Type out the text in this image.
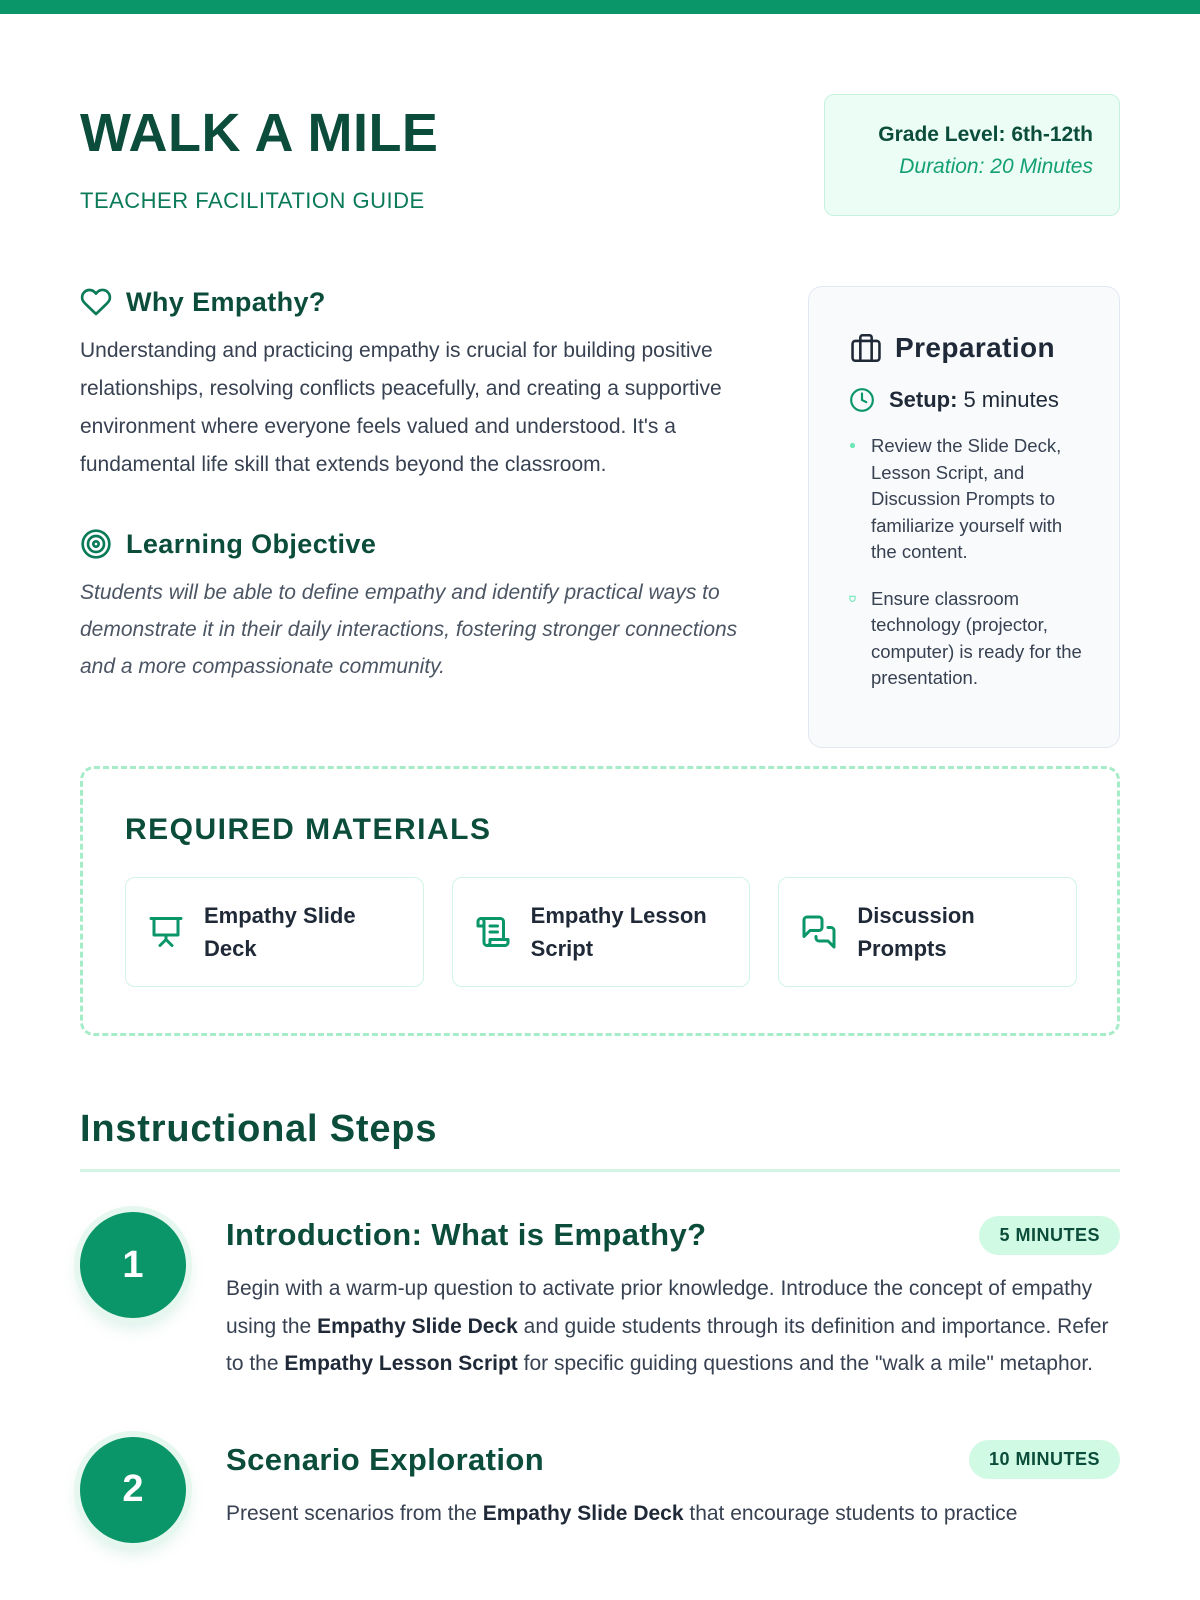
WALK A MILE
TEACHER FACILITATION GUIDE
Grade Level: 6th-12th
Duration: 20 Minutes
Why Empathy?

Understanding and practicing empathy is crucial for building positive relationships, resolving conflicts peacefully, and creating a supportive environment where everyone feels valued and understood. It's a fundamental life skill that extends beyond the classroom.

Learning Objective

Students will be able to define empathy and identify practical ways to demonstrate it in their daily interactions, fostering stronger connections and a more compassionate community.

Preparation
Setup: 5 minutes
Review the Slide Deck, Lesson Script, and Discussion Prompts to familiarize yourself with the content.
Ensure classroom technology (projector, computer) is ready for the presentation.
REQUIRED MATERIALS
Empathy Slide Deck
Empathy Lesson Script
Discussion Prompts
Instructional Steps
1
Introduction: What is Empathy?	5 MINUTES

Begin with a warm-up question to activate prior knowledge. Introduce the concept of empathy using the Empathy Slide Deck and guide students through its definition and importance. Refer to the Empathy Lesson Script for specific guiding questions and the "walk a mile" metaphor.

2
Scenario Exploration	10 MINUTES

Present scenarios from the Empathy Slide Deck that encourage students to practice
